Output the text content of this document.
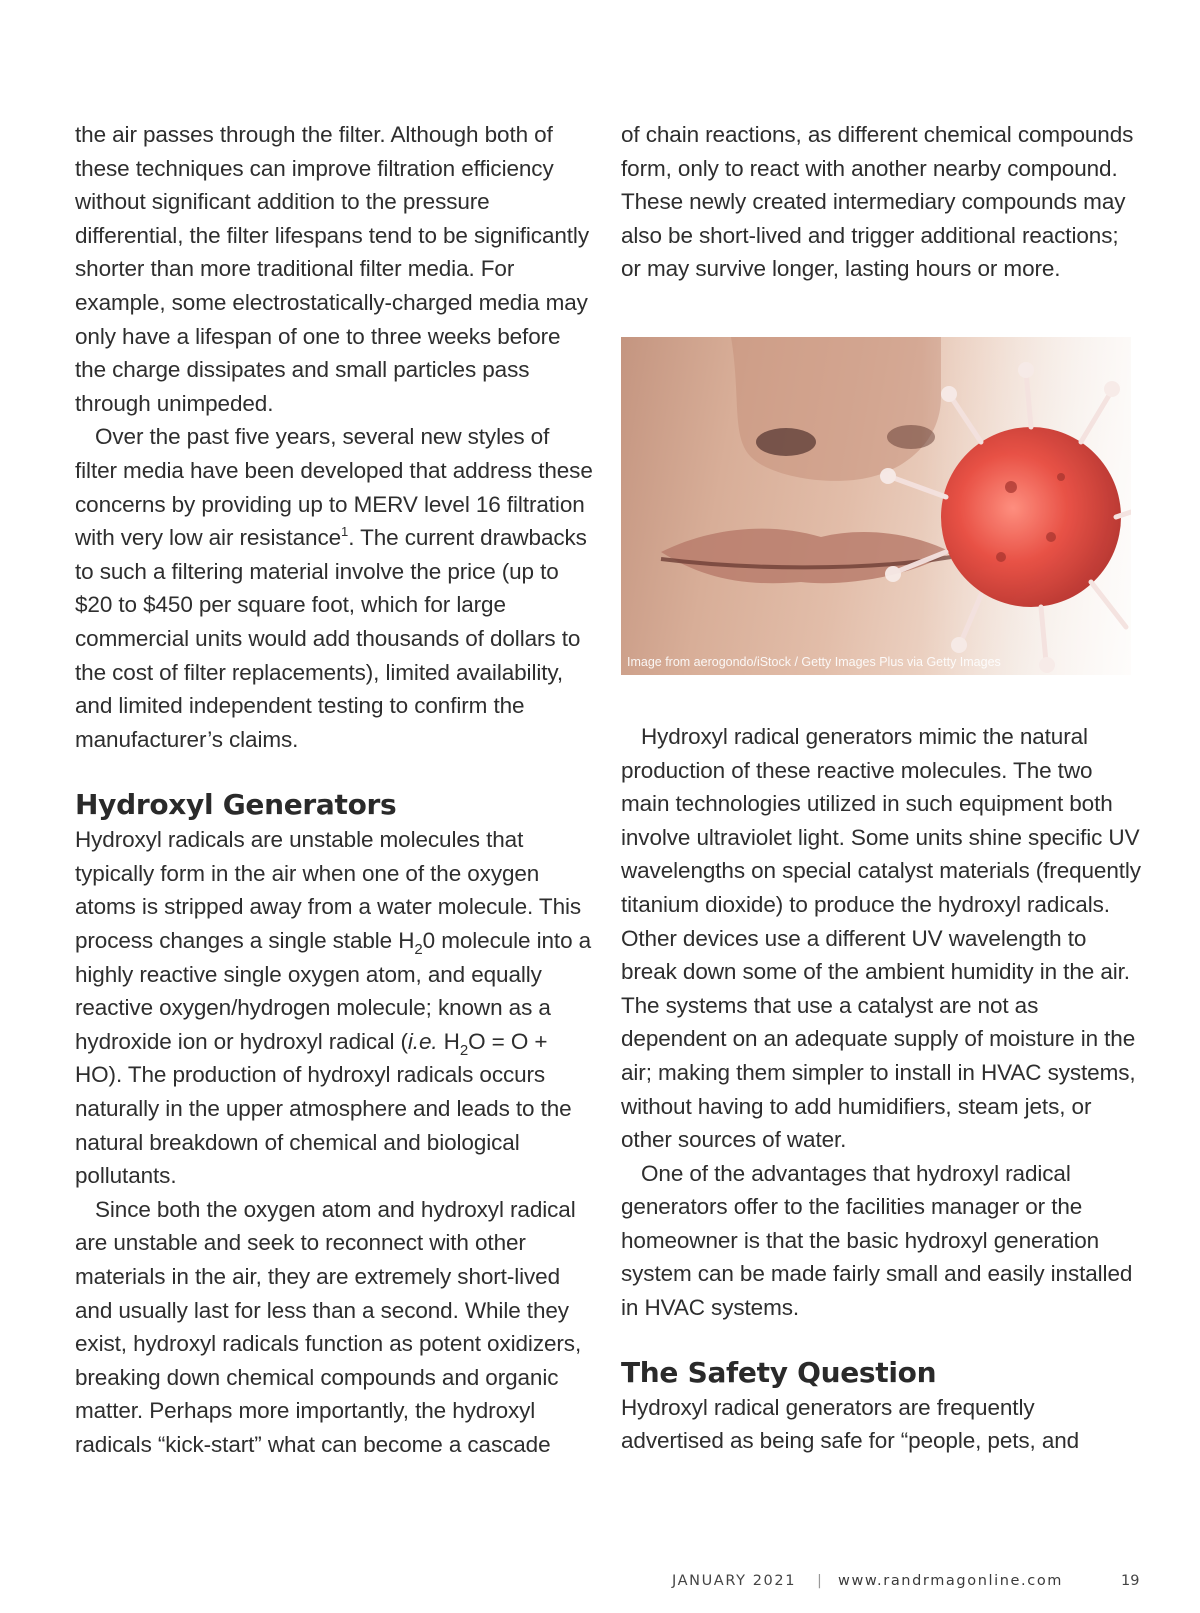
the air passes through the filter. Although both of these techniques can improve filtration efficiency without significant addition to the pressure differential, the filter lifespans tend to be significantly shorter than more traditional filter media. For example, some electrostatically-charged media may only have a lifespan of one to three weeks before the charge dissipates and small particles pass through unimpeded.

Over the past five years, several new styles of filter media have been developed that address these concerns by providing up to MERV level 16 filtration with very low air resistance$^1$. The current drawbacks to such a filtering material involve the price (up to $20 to $450 per square foot, which for large commercial units would add thousands of dollars to the cost of filter replacements), limited availability, and limited independent testing to confirm the manufacturer’s claims.

Hydroxyl Generators

Hydroxyl radicals are unstable molecules that typically form in the air when one of the oxygen atoms is stripped away from a water molecule. This process changes a single stable $H_20$ molecule into a highly reactive single oxygen atom, and equally reactive oxygen/hydrogen molecule; known as a hydroxide ion or hydroxyl radical (i.e. $H_2O = O + HO$). The production of hydroxyl radicals occurs naturally in the upper atmosphere and leads to the natural breakdown of chemical and biological pollutants.

Since both the oxygen atom and hydroxyl radical are unstable and seek to reconnect with other materials in the air, they are extremely short-lived and usually last for less than a second. While they exist, hydroxyl radicals function as potent oxidizers, breaking down chemical compounds and organic matter. Perhaps more importantly, the hydroxyl radicals “kick-start” what can become a cascade

of chain reactions, as different chemical compounds form, only to react with another nearby compound. These newly created intermediary compounds may also be short-lived and trigger additional reactions; or may survive longer, lasting hours or more.

Image from aerogondo/iStock / Getty Images Plus via Getty Images

Hydroxyl radical generators mimic the natural production of these reactive molecules. The two main technologies utilized in such equipment both involve ultraviolet light. Some units shine specific UV wavelengths on special catalyst materials (frequently titanium dioxide) to produce the hydroxyl radicals. Other devices use a different UV wavelength to break down some of the ambient humidity in the air.

The systems that use a catalyst are not as dependent on an adequate supply of moisture in the air; making them simpler to install in HVAC systems, without having to add humidifiers, steam jets, or other sources of water.

One of the advantages that hydroxyl radical generators offer to the facilities manager or the homeowner is that the basic hydroxyl generation system can be made fairly small and easily installed in HVAC systems.

The Safety Question

Hydroxyl radical generators are frequently advertised as being safe for “people, pets, and

JANUARY 2021 | www.randrmagonline.com	19
